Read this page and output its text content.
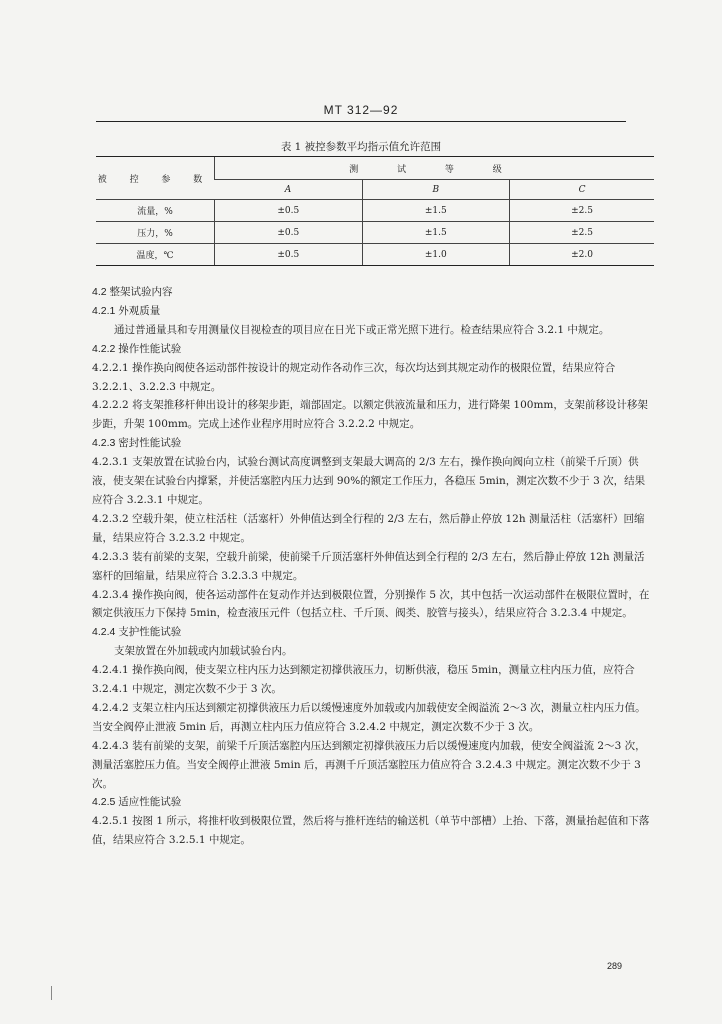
MT 312—92
表 1 被控参数平均指示值允许范围
被 控 参 数	测 试 等 级		
	A	B	C
流量，%	±0.5	±1.5	±2.5
压力，%	±0.5	±1.5	±2.5
温度，℃	±0.5	±1.0	±2.0

4.2 整架试验内容

4.2.1 外观质量

通过普通量具和专用测量仪目视检查的项目应在日光下或正常光照下进行。检查结果应符合 3.2.1 中规定。

4.2.2 操作性能试验

4.2.2.1 操作换向阀使各运动部件按设计的规定动作各动作三次，每次均达到其规定动作的极限位置，结果应符合 3.2.2.1、3.2.2.3 中规定。

4.2.2.2 将支架推移杆伸出设计的移架步距，端部固定。以额定供液流量和压力，进行降架 100mm，支架前移设计移架步距，升架 100mm。完成上述作业程序用时应符合 3.2.2.2 中规定。

4.2.3 密封性能试验

4.2.3.1 支架放置在试验台内，试验台测试高度调整到支架最大调高的 2/3 左右，操作换向阀向立柱（前梁千斤顶）供液，使支架在试验台内撑紧，并使活塞腔内压力达到 90%的额定工作压力，各稳压 5min，测定次数不少于 3 次，结果应符合 3.2.3.1 中规定。

4.2.3.2 空载升架，使立柱活柱（活塞杆）外伸值达到全行程的 2/3 左右，然后静止停放 12h 测量活柱（活塞杆）回缩量，结果应符合 3.2.3.2 中规定。

4.2.3.3 装有前梁的支架，空载升前梁，使前梁千斤顶活塞杆外伸值达到全行程的 2/3 左右，然后静止停放 12h 测量活塞杆的回缩量，结果应符合 3.2.3.3 中规定。

4.2.3.4 操作换向阀，使各运动部件在复动作并达到极限位置，分别操作 5 次，其中包括一次运动部件在极限位置时，在额定供液压力下保持 5min，检查液压元件（包括立柱、千斤顶、阀类、胶管与接头），结果应符合 3.2.3.4 中规定。

4.2.4 支护性能试验

支架放置在外加载或内加载试验台内。

4.2.4.1 操作换向阀，使支架立柱内压力达到额定初撑供液压力，切断供液，稳压 5min，测量立柱内压力值，应符合 3.2.4.1 中规定，测定次数不少于 3 次。

4.2.4.2 支架立柱内压达到额定初撑供液压力后以缓慢速度外加载或内加载使安全阀溢流 2～3 次，测量立柱内压力值。当安全阀停止泄液 5min 后，再测立柱内压力值应符合 3.2.4.2 中规定，测定次数不少于 3 次。

4.2.4.3 装有前梁的支架，前梁千斤顶活塞腔内压达到额定初撑供液压力后以缓慢速度内加载，使安全阀溢流 2～3 次，测量活塞腔压力值。当安全阀停止泄液 5min 后，再测千斤顶活塞腔压力值应符合 3.2.4.3 中规定。测定次数不少于 3 次。

4.2.5 适应性能试验

4.2.5.1 按图 1 所示，将推杆收到极限位置，然后将与推杆连结的输送机（单节中部槽）上抬、下落，测量抬起值和下落值，结果应符合 3.2.5.1 中规定。

289
